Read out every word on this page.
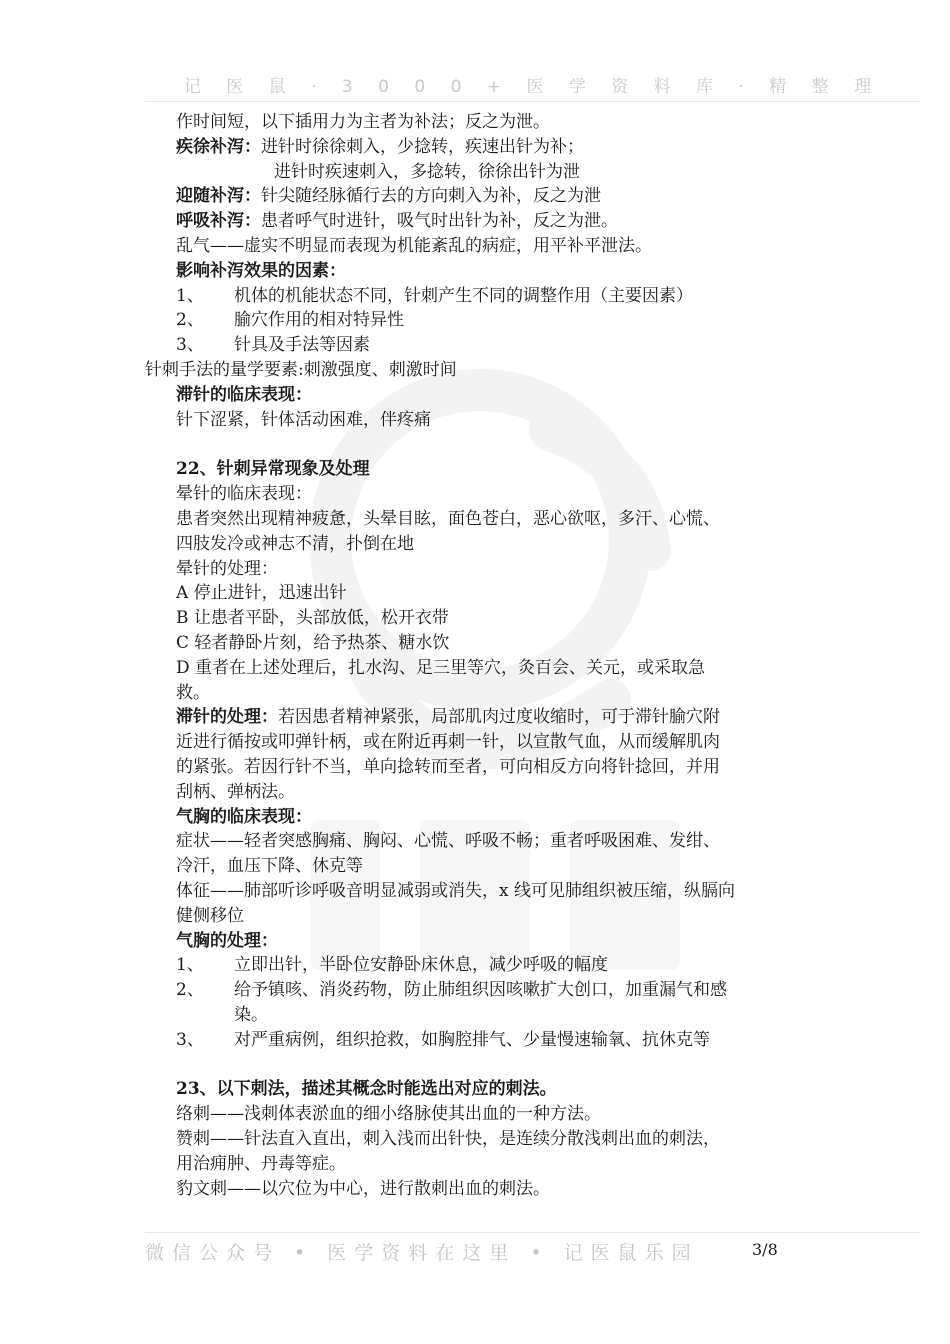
记 医 鼠 · 3 0 0 0 + 医 学 资 料 库 · 精 整 理
作时间短，以下插用力为主者为补法；反之为泄。
疾徐补泻：进针时徐徐刺入，少捻转，疾速出针为补；
进针时疾速刺入，多捻转，徐徐出针为泄
迎随补泻：针尖随经脉循行去的方向刺入为补，反之为泄
呼吸补泻：患者呼气时进针，吸气时出针为补，反之为泄。
乱气——虚实不明显而表现为机能紊乱的病症，用平补平泄法。
影响补泻效果的因素：
1、 机体的机能状态不同，针刺产生不同的调整作用（主要因素）
2、 腧穴作用的相对特异性
3、 针具及手法等因素
针刺手法的量学要素:刺激强度、刺激时间
滞针的临床表现：
针下涩紧，针体活动困难，伴疼痛
22、针刺异常现象及处理
晕针的临床表现：
患者突然出现精神疲惫，头晕目眩，面色苍白，恶心欲呕，多汗、心慌、
四肢发冷或神志不清，扑倒在地
晕针的处理：
A 停止进针，迅速出针
B 让患者平卧，头部放低，松开衣带
C 轻者静卧片刻，给予热茶、糖水饮
D 重者在上述处理后，扎水沟、足三里等穴，灸百会、关元，或采取急
救。
滞针的处理：若因患者精神紧张，局部肌肉过度收缩时，可于滞针腧穴附
近进行循按或叩弹针柄，或在附近再刺一针，以宣散气血，从而缓解肌肉
的紧张。若因行针不当，单向捻转而至者，可向相反方向将针捻回，并用
刮柄、弹柄法。
气胸的临床表现：
症状——轻者突感胸痛、胸闷、心慌、呼吸不畅；重者呼吸困难、发绀、
冷汗，血压下降、休克等
体征——肺部听诊呼吸音明显减弱或消失，x 线可见肺组织被压缩，纵膈向
健侧移位
气胸的处理：
1、 立即出针，半卧位安静卧床休息，减少呼吸的幅度
2、 给予镇咳、消炎药物，防止肺组织因咳嗽扩大创口，加重漏气和感
染。
3、 对严重病例，组织抢救，如胸腔排气、少量慢速输氧、抗休克等
23、以下刺法，描述其概念时能选出对应的刺法。
络刺——浅刺体表淤血的细小络脉使其出血的一种方法。
赞刺——针法直入直出，刺入浅而出针快，是连续分散浅刺出血的刺法，
用治痈肿、丹毒等症。
豹文刺——以穴位为中心，进行散刺出血的刺法。
微信公众号 • 医学资料在这里 • 记医鼠乐园	3/8
